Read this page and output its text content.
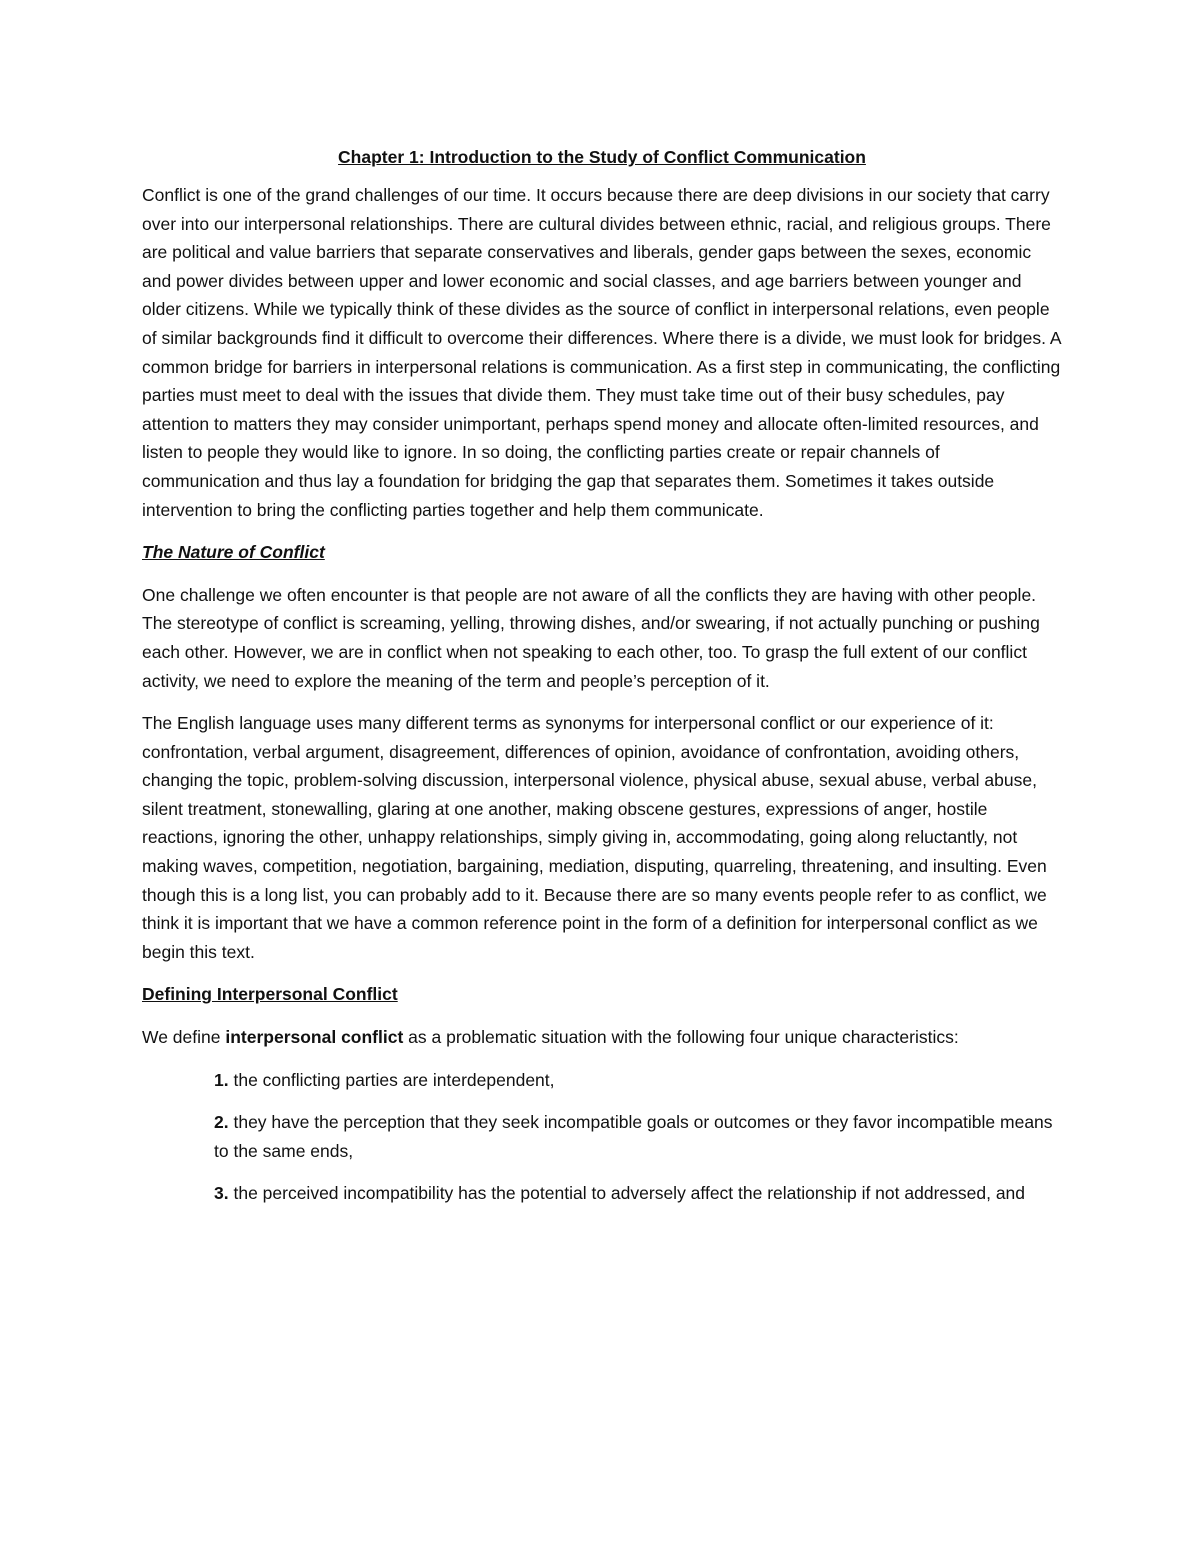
Chapter 1: Introduction to the Study of Conflict Communication

Conflict is one of the grand challenges of our time. It occurs because there are deep divisions in our society that carry over into our interpersonal relationships. There are cultural divides between ethnic, racial, and religious groups. There are political and value barriers that separate conservatives and liberals, gender gaps between the sexes, economic and power divides between upper and lower economic and social classes, and age barriers between younger and older citizens. While we typically think of these divides as the source of conflict in interpersonal relations, even people of similar backgrounds find it difficult to overcome their differences. Where there is a divide, we must look for bridges. A common bridge for barriers in interpersonal relations is communication. As a first step in communicating, the conflicting parties must meet to deal with the issues that divide them. They must take time out of their busy schedules, pay attention to matters they may consider unimportant, perhaps spend money and allocate often-limited resources, and listen to people they would like to ignore. In so doing, the conflicting parties create or repair channels of communication and thus lay a foundation for bridging the gap that separates them. Sometimes it takes outside intervention to bring the conflicting parties together and help them communicate.

The Nature of Conflict

One challenge we often encounter is that people are not aware of all the conflicts they are having with other people. The stereotype of conflict is screaming, yelling, throwing dishes, and/or swearing, if not actually punching or pushing each other. However, we are in conflict when not speaking to each other, too. To grasp the full extent of our conflict activity, we need to explore the meaning of the term and people’s perception of it.

The English language uses many different terms as synonyms for interpersonal conflict or our experience of it: confrontation, verbal argument, disagreement, differences of opinion, avoidance of confrontation, avoiding others, changing the topic, problem-solving discussion, interpersonal violence, physical abuse, sexual abuse, verbal abuse, silent treatment, stonewalling, glaring at one another, making obscene gestures, expressions of anger, hostile reactions, ignoring the other, unhappy relationships, simply giving in, accommodating, going along reluctantly, not making waves, competition, negotiation, bargaining, mediation, disputing, quarreling, threatening, and insulting. Even though this is a long list, you can probably add to it. Because there are so many events people refer to as conflict, we think it is important that we have a common reference point in the form of a definition for interpersonal conflict as we begin this text.

Defining Interpersonal Conflict

We define interpersonal conflict as a problematic situation with the following four unique characteristics:

1. the conflicting parties are interdependent,
2. they have the perception that they seek incompatible goals or outcomes or they favor incompatible means to the same ends,
3. the perceived incompatibility has the potential to adversely affect the relationship if not addressed, and
